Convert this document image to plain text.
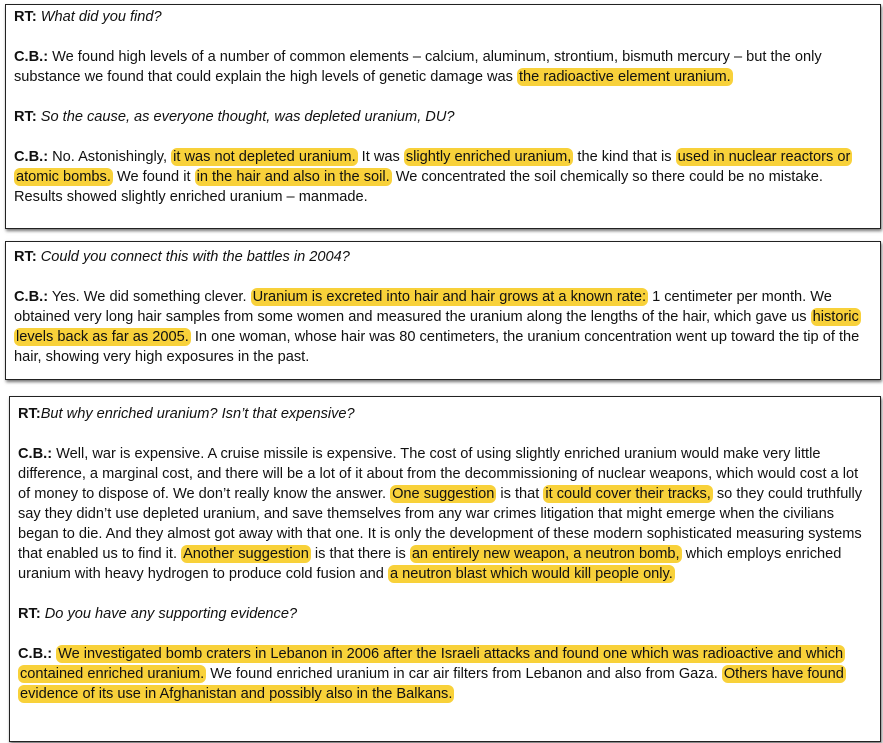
RT: What did you find?

C.B.: We found high levels of a number of common elements – calcium, aluminum, strontium, bismuth mercury – but the only substance we found that could explain the high levels of genetic damage was the radioactive element uranium.

RT: So the cause, as everyone thought, was depleted uranium, DU?

C.B.: No. Astonishingly, it was not depleted uranium. It was slightly enriched uranium, the kind that is used in nuclear reactors or atomic bombs. We found it in the hair and also in the soil. We concentrated the soil chemically so there could be no mistake. Results showed slightly enriched uranium – manmade.

RT: Could you connect this with the battles in 2004?

C.B.: Yes. We did something clever. Uranium is excreted into hair and hair grows at a known rate: 1 centimeter per month. We obtained very long hair samples from some women and measured the uranium along the lengths of the hair, which gave us historic levels back as far as 2005. In one woman, whose hair was 80 centimeters, the uranium concentration went up toward the tip of the hair, showing very high exposures in the past.

RT:But why enriched uranium? Isn’t that expensive?

C.B.: Well, war is expensive. A cruise missile is expensive. The cost of using slightly enriched uranium would make very little difference, a marginal cost, and there will be a lot of it about from the decommissioning of nuclear weapons, which would cost a lot of money to dispose of. We don’t really know the answer. One suggestion is that it could cover their tracks, so they could truthfully say they didn’t use depleted uranium, and save themselves from any war crimes litigation that might emerge when the civilians began to die. And they almost got away with that one. It is only the development of these modern sophisticated measuring systems that enabled us to find it. Another suggestion is that there is an entirely new weapon, a neutron bomb, which employs enriched uranium with heavy hydrogen to produce cold fusion and a neutron blast which would kill people only.

RT: Do you have any supporting evidence?

C.B.: We investigated bomb craters in Lebanon in 2006 after the Israeli attacks and found one which was radioactive and which contained enriched uranium. We found enriched uranium in car air filters from Lebanon and also from Gaza. Others have found evidence of its use in Afghanistan and possibly also in the Balkans.
